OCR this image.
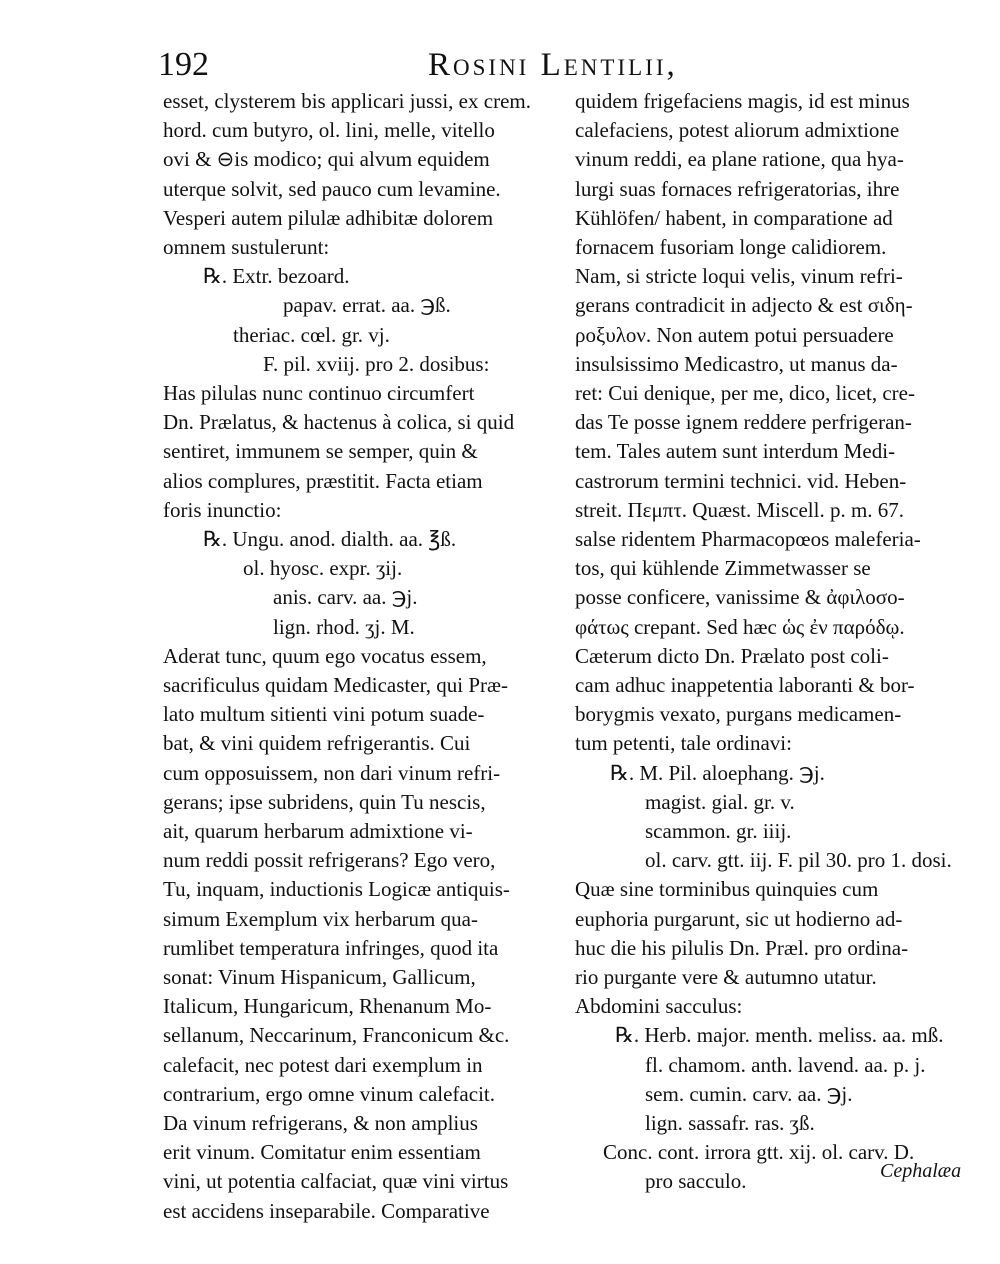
192	Rosini Lentilii,
esset, clysterem bis applicari jussi, ex crem.
hord. cum butyro, ol. lini, melle, vitello
ovi & ⊖is modico; qui alvum equidem
uterque solvit, sed pauco cum levamine.
Vesperi autem pilulæ adhibitæ dolorem
omnem sustulerunt:
℞. Extr. bezoard.
papav. errat. aa. ℈ß.
theriac. cœl. gr. vj.
F. pil. xviij. pro 2. dosibus:
Has pilulas nunc continuo circumfert
Dn. Prælatus, & hactenus à colica, si quid
sentiret, immunem se semper, quin &
alios complures, præstitit. Facta etiam
foris inunctio:
℞. Ungu. anod. dialth. aa. ℥ß.
ol. hyosc. expr. ʒij.
anis. carv. aa. ℈j.
lign. rhod. ʒj. M.
Aderat tunc, quum ego vocatus essem,
sacrificulus quidam Medicaster, qui Præ-
lato multum sitienti vini potum suade-
bat, & vini quidem refrigerantis. Cui
cum opposuissem, non dari vinum refri-
gerans; ipse subridens, quin Tu nescis,
ait, quarum herbarum admixtione vi-
num reddi possit refrigerans? Ego vero,
Tu, inquam, inductionis Logicæ antiquis-
simum Exemplum vix herbarum qua-
rumlibet temperatura infringes, quod ita
sonat: Vinum Hispanicum, Gallicum,
Italicum, Hungaricum, Rhenanum Mo-
sellanum, Neccarinum, Franconicum &c.
calefacit, nec potest dari exemplum in
contrarium, ergo omne vinum calefacit.
Da vinum refrigerans, & non amplius
erit vinum. Comitatur enim essentiam
vini, ut potentia calfaciat, quæ vini virtus
est accidens inseparabile. Comparative
quidem frigefaciens magis, id est minus
calefaciens, potest aliorum admixtione
vinum reddi, ea plane ratione, qua hya-
lurgi suas fornaces refrigeratorias, ihre
Kühlöfen/ habent, in comparatione ad
fornacem fusoriam longe calidiorem.
Nam, si stricte loqui velis, vinum refri-
gerans contradicit in adjecto & est σιδη-
ροξυλον. Non autem potui persuadere
insulsissimo Medicastro, ut manus da-
ret: Cui denique, per me, dico, licet, cre-
das Te posse ignem reddere perfrigeran-
tem. Tales autem sunt interdum Medi-
castrorum termini technici. vid. Heben-
streit. Πεμπτ. Quæst. Miscell. p. m. 67.
salse ridentem Pharmacopœos maleferia-
tos, qui kühlende Zimmetwasser se
posse conficere, vanissime & ἀφιλοσο-
φάτως crepant. Sed hæc ὡς ἐν παρόδῳ.
Cæterum dicto Dn. Prælato post coli-
cam adhuc inappetentia laboranti & bor-
borygmis vexato, purgans medicamen-
tum petenti, tale ordinavi:
℞. M. Pil. aloephang. ℈j.
magist. gial. gr. v.
scammon. gr. iiij.
ol. carv. gtt. iij. F. pil 30. pro 1. dosi.
Quæ sine torminibus quinquies cum
euphoria purgarunt, sic ut hodierno ad-
huc die his pilulis Dn. Præl. pro ordina-
rio purgante vere & autumno utatur.
Abdomini sacculus:
℞. Herb. major. menth. meliss. aa. mß.
fl. chamom. anth. lavend. aa. p. j.
sem. cumin. carv. aa. ℈j.
lign. sassafr. ras. ʒß.
Conc. cont. irrora gtt. xij. ol. carv. D.
pro sacculo.	Cephalæa
